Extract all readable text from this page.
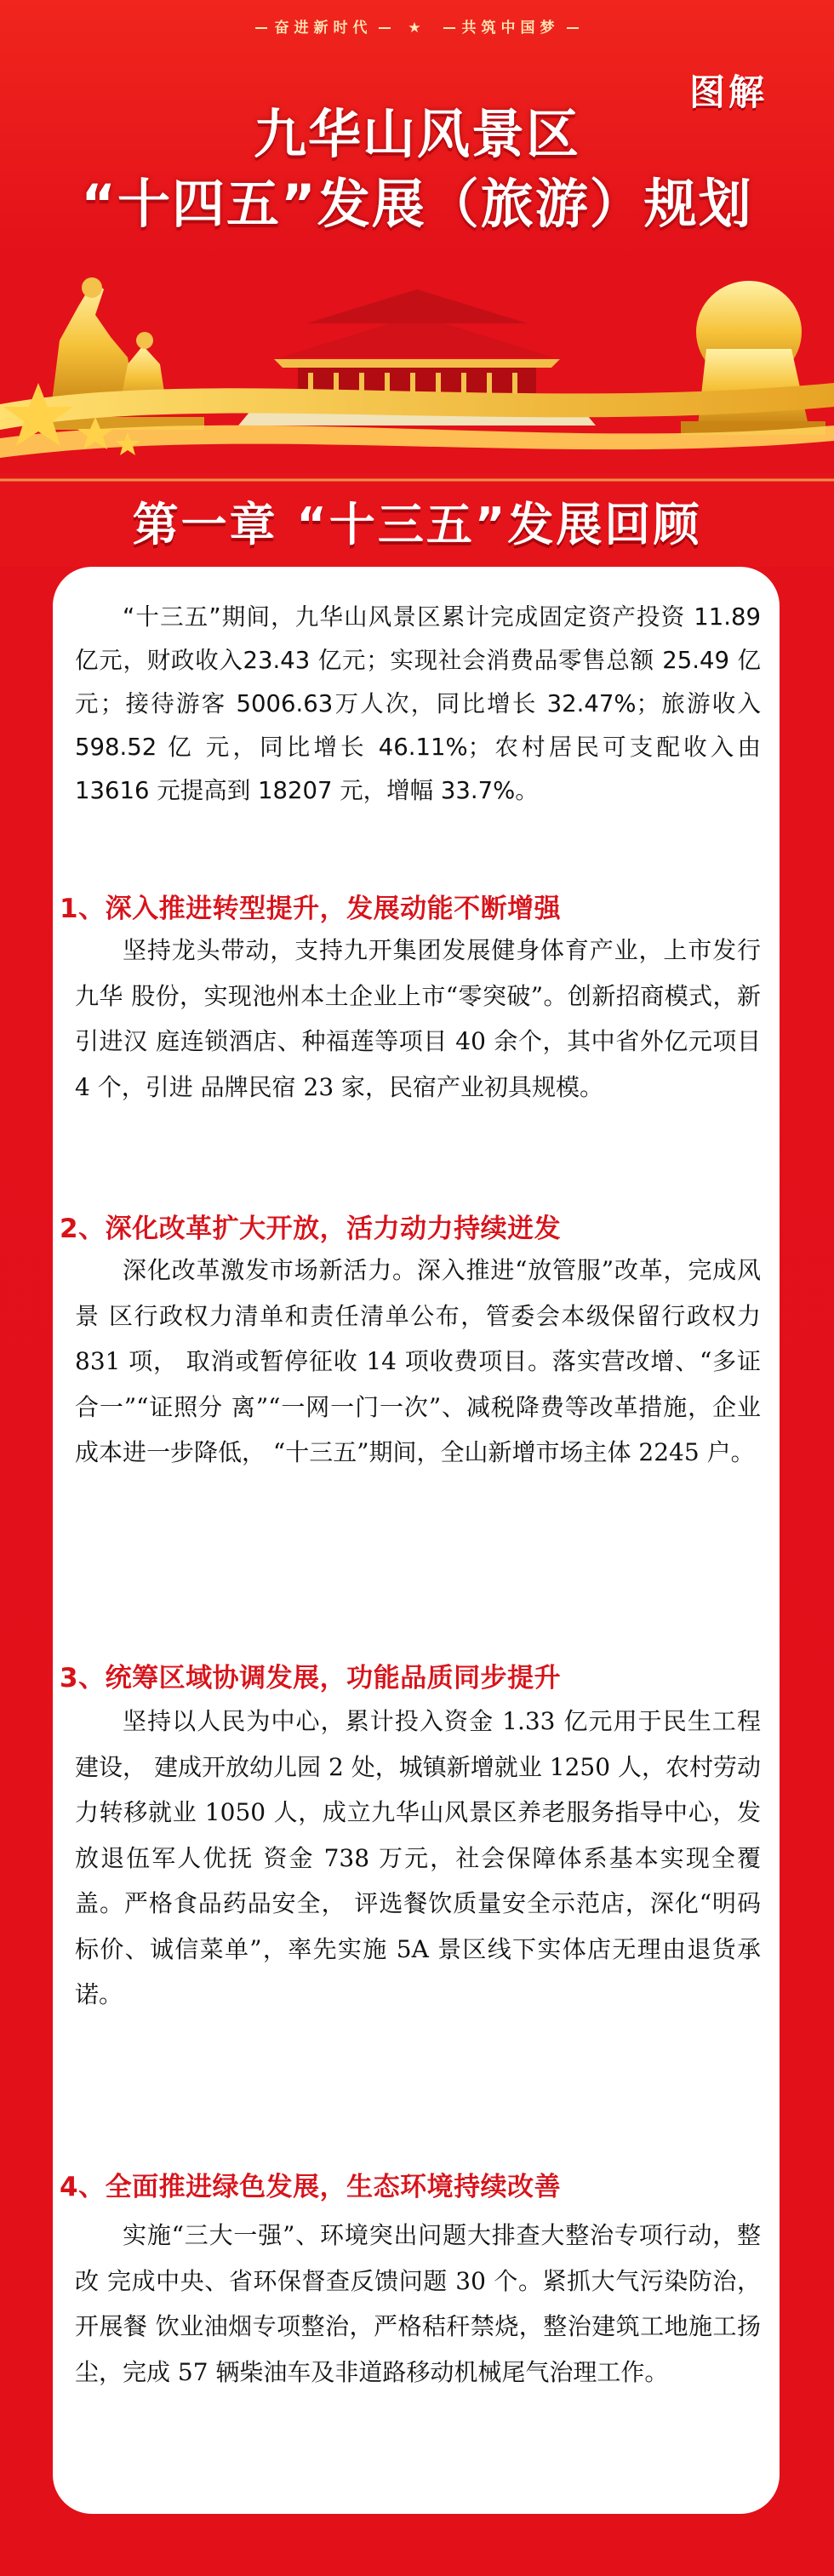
奋进新时代 ★ 共筑中国梦
图解
九华山风景区
“十四五”发展（旅游）规划
第一章 “十三五”发展回顾

“十三五”期间，九华山风景区累计完成固定资产投资 11.89 亿元，财政收入23.43 亿元；实现社会消费品零售总额 25.49 亿元；接待游客 5006.63万人次，同比增长 32.47%；旅游收入 598.52 亿 元，同比增长 46.11%；农村居民可支配收入由 13616 元提高到 18207 元，增幅 33.7%。

1、深入推进转型提升，发展动能不断增强

坚持龙头带动，支持九开集团发展健身体育产业，上市发行九华 股份，实现池州本土企业上市“零突破”。创新招商模式，新引进汉 庭连锁酒店、种福莲等项目 40 余个，其中省外亿元项目 4 个，引进 品牌民宿 23 家，民宿产业初具规模。

2、深化改革扩大开放，活力动力持续迸发

深化改革激发市场新活力。深入推进“放管服”改革，完成风景 区行政权力清单和责任清单公布，管委会本级保留行政权力 831 项， 取消或暂停征收 14 项收费项目。落实营改增、“多证合一”“证照分 离”“一网一门一次”、减税降费等改革措施，企业成本进一步降低， “十三五”期间，全山新增市场主体 2245 户。

3、统筹区域协调发展，功能品质同步提升

坚持以人民为中心，累计投入资金 1.33 亿元用于民生工程建设， 建成开放幼儿园 2 处，城镇新增就业 1250 人，农村劳动力转移就业 1050 人，成立九华山风景区养老服务指导中心，发放退伍军人优抚 资金 738 万元，社会保障体系基本实现全覆盖。严格食品药品安全， 评选餐饮质量安全示范店，深化“明码标价、诚信菜单”，率先实施 5A 景区线下实体店无理由退货承诺。

4、全面推进绿色发展，生态环境持续改善

实施“三大一强”、环境突出问题大排查大整治专项行动，整改 完成中央、省环保督查反馈问题 30 个。紧抓大气污染防治，开展餐 饮业油烟专项整治，严格秸秆禁烧，整治建筑工地施工扬尘，完成 57 辆柴油车及非道路移动机械尾气治理工作。
